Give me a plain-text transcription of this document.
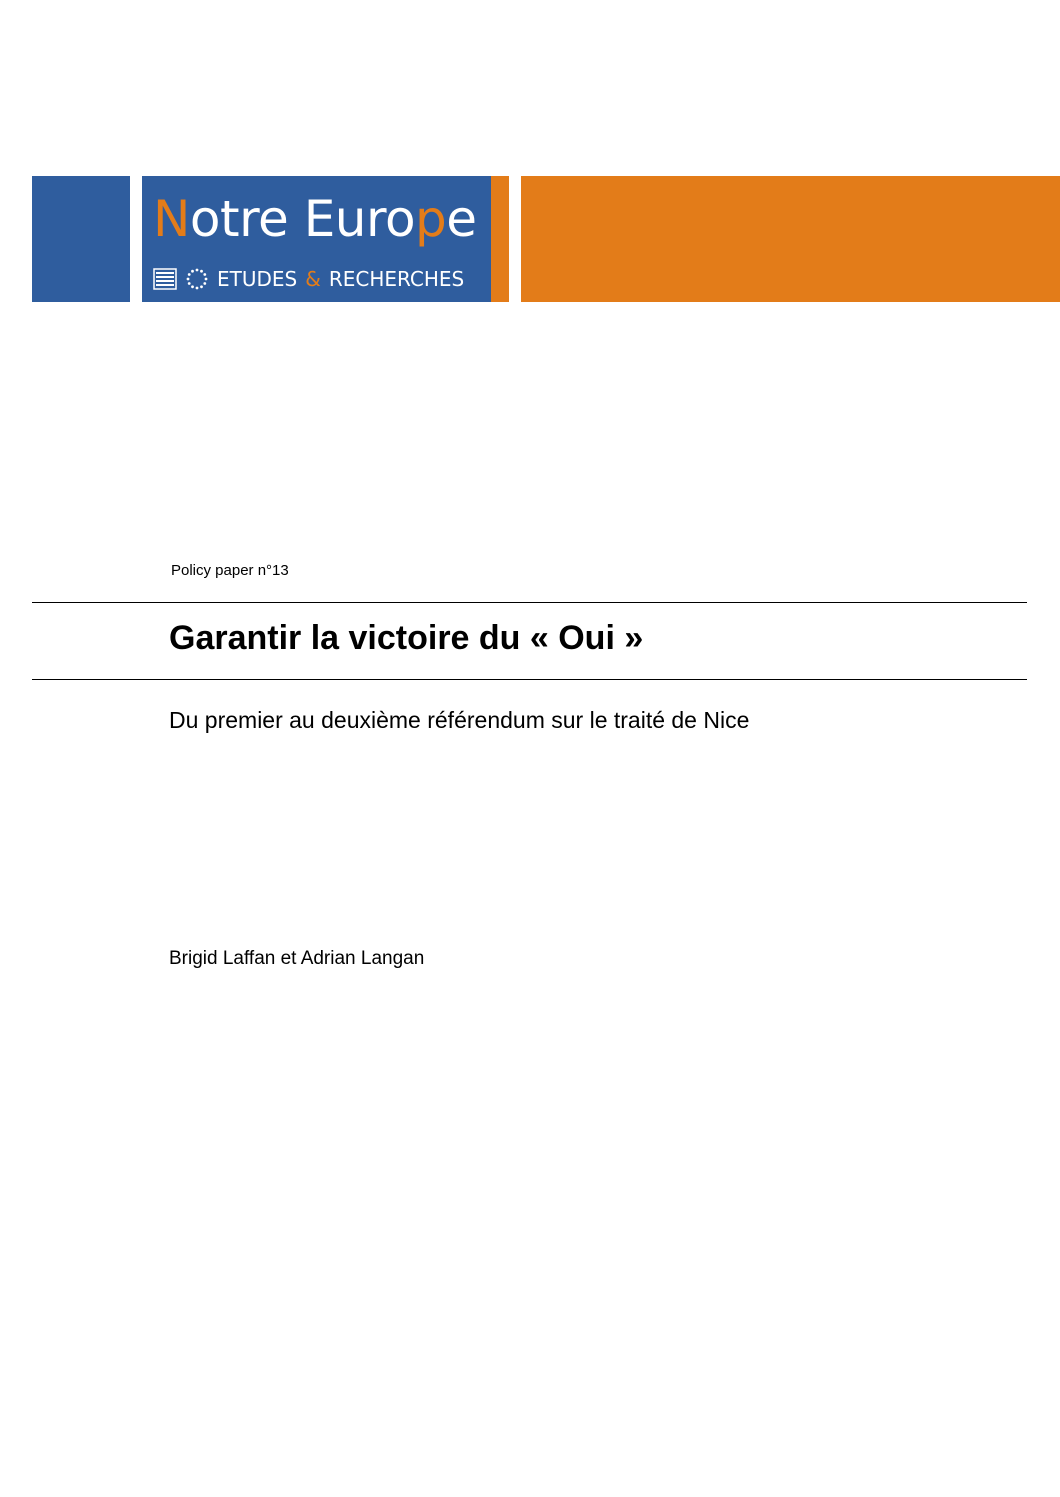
Notre Europe
ETUDES & RECHERCHES
Policy paper n°13
Garantir la victoire du « Oui »
Du premier au deuxième référendum sur le traité de Nice
Brigid Laffan et Adrian Langan
